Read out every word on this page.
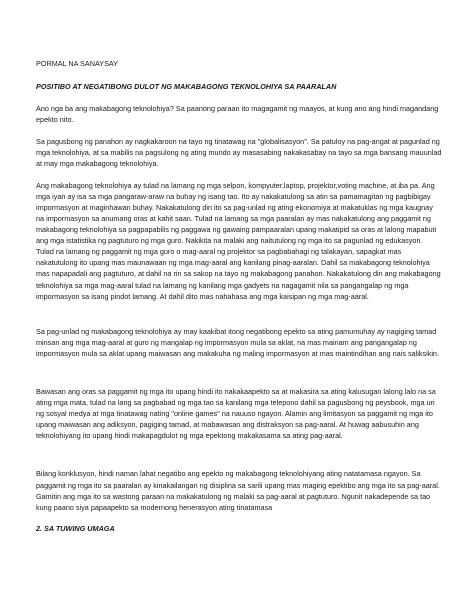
PORMAL NA SANAYSAY
POSITIBO AT NEGATIBONG DULOT NG MAKABAGONG TEKNOLOHIYA SA PAARALAN

Ano nga ba ang makabagong teknolohiya? Sa paanong paraan ito magagamit ng maayos, at kung ano ang hindi magandang epekto nito.

Sa pagusbong ng panahon ay nagkakaroon na tayo ng tinatawag na "globalisasyon". Sa patuloy na pag-angat at pagunlad ng mga teknolohiya, at sa mabilis na pagsulong ng ating mundo ay masasabing nakakasabay na tayo sa mga bansang mauunlad at may mga makabagong teknolohiya.

Ang makabagong teknolohiya ay tulad na lamang ng mga selpon, kompyuter,laptop, projektor,voting machine, at iba pa. Ang mga iyan ay isa sa mga pangaraw-araw na buhay ng isang tao. Ito ay nakakatulong sa atin sa pamamagitan ng pagbibigay impormasyon at maginhawan buhay. Nakakatulong din ito sa pag-unlad ng ating ekonomiya at makatuklas ng mga kaugnay na impormasyon sa anumang oras at kahit saan. Tulad na lamang sa mga paaralan ay mas nakakatulong ang paggamit ng makabagong teknolohiya sa pagpapabilis ng paggawa ng gawaing pampaaralan upang makatipid sa oras at lalong mapabuti ang mga istatistika ng pagtuturo ng mga guro. Nakikita na malaki ang naitutulong ng mga ito sa pagunlad ng edukasyon. Tulad na lamang ng paggamit ng mga guro o mag-aaral ng projektor sa pagbabahagi ng talakayan, sapagkat mas nakatutulong ito upang mas maunawaan ng mga mag-aaral ang kanilang pinag-aaralan. Dahil sa makabagong teknolohiya mas napapadali ang pagtuturo, at dahil na rin sa sakop na tayo ng makabagong panahon. Nakakatulong din ang makabagong teknolohiya sa mga mag-aaral tulad na lamang ng kanilang mga gadyets na nagagamit nila sa pangangalap ng mga impormasyon sa isang pindot lamang. At dahil dito mas nahahasa ang mga kaisipan ng mga mag-aaral.

Sa pag-unlad ng makabagong teknolohiya ay may kaakibat itong negatibong epekto sa ating pamumuhay ay nagiging tamad minsan ang mga mag-aaral at guro ng mangalap ng impormasyon mula sa aklat, na mas mainam ang pangangalap ng impormasyon mula sa aklat upang maiwasan ang makakuha ng maling impormasyon at mas maintindihan ang nais saliksikin.

Bawasan ang oras sa paggamit ng mga ito upang hindi ito nakakaapekto sa at makasira sa ating kalusugan lalong lalo na sa ating mga mata, tulad na lang sa pagbabad ng mga tao sa kanilang mga telepono dahil sa pagusbong ng peysbook, mga uri ng sosyal medya at mga tinatawag nating "online games" na nauuso ngayon. Alamin ang limitasyon sa paggamit ng mga ito upang maiwasan ang adiksyon, pagiging tamad, at mabawasan ang distraksyon sa pag-aaral. At huwag aabusuhin ang teknolohiyang ito upang hindi makapagdulot ng mga epektong makakasama sa ating pag-aaral.

Bilang konklusyon, hindi naman lahat negatibo ang epekto ng makabagong teknolohiyang ating natatamasa ngayon. Sa paggamit ng mga ito sa paaralan ay kinakailangan ng disiplina sa sarili upang mas maging epektibo ang mga ito sa pag-aaral. Gamitin ang mga ito sa wastong paraan na makakatulong ng malaki sa pag-aaral at pagtuturo. Ngunit nakadepende sa tao kung paano siya papaapekto sa modernong henerasyon ating tinatamasa

2. SA TUWING UMAGA
